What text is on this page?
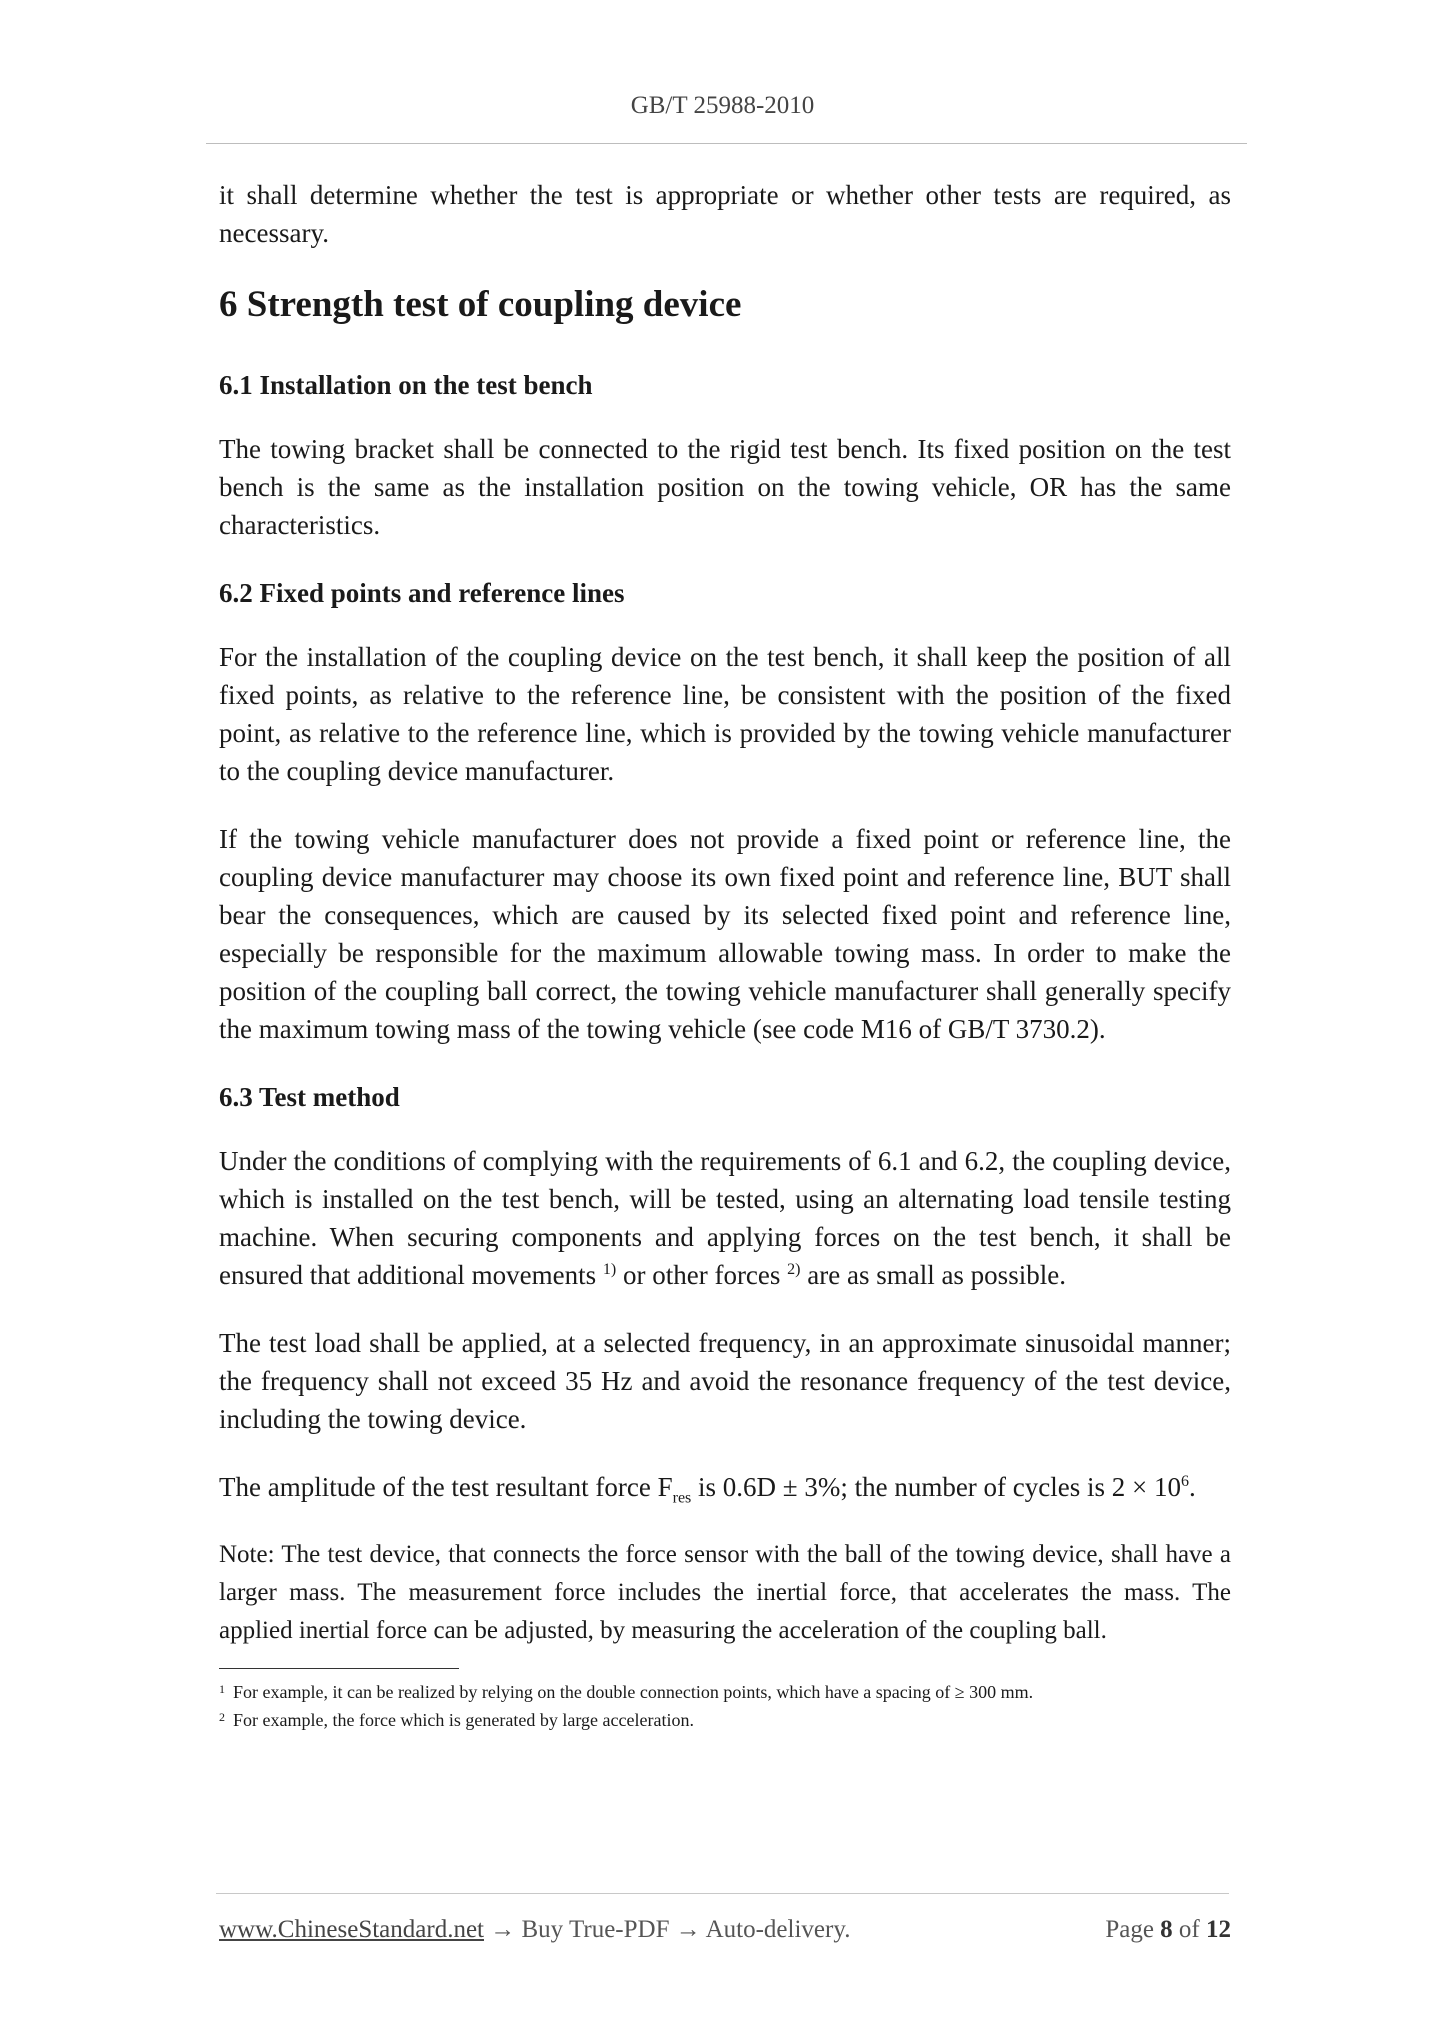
GB/T 25988-2010

it shall determine whether the test is appropriate or whether other tests are required, as necessary.

6 Strength test of coupling device
6.1 Installation on the test bench

The towing bracket shall be connected to the rigid test bench. Its fixed position on the test bench is the same as the installation position on the towing vehicle, OR has the same characteristics.

6.2 Fixed points and reference lines

For the installation of the coupling device on the test bench, it shall keep the position of all fixed points, as relative to the reference line, be consistent with the position of the fixed point, as relative to the reference line, which is provided by the towing vehicle manufacturer to the coupling device manufacturer.

If the towing vehicle manufacturer does not provide a fixed point or reference line, the coupling device manufacturer may choose its own fixed point and reference line, BUT shall bear the consequences, which are caused by its selected fixed point and reference line, especially be responsible for the maximum allowable towing mass. In order to make the position of the coupling ball correct, the towing vehicle manufacturer shall generally specify the maximum towing mass of the towing vehicle (see code M16 of GB/T 3730.2).

6.3 Test method

Under the conditions of complying with the requirements of 6.1 and 6.2, the coupling device, which is installed on the test bench, will be tested, using an alternating load tensile testing machine. When securing components and applying forces on the test bench, it shall be ensured that additional movements $^{1)}$ or other forces $^{2)}$ are as small as possible.

The test load shall be applied, at a selected frequency, in an approximate sinusoidal manner; the frequency shall not exceed 35 Hz and avoid the resonance frequency of the test device, including the towing device.

The amplitude of the test resultant force $F_{res}$ is 0.6D ± 3%; the number of cycles is $2 \times 10^6$.

Note: The test device, that connects the force sensor with the ball of the towing device, shall have a larger mass. The measurement force includes the inertial force, that accelerates the mass. The applied inertial force can be adjusted, by measuring the acceleration of the coupling ball.

$^1$ For example, it can be realized by relying on the double connection points, which have a spacing of ≥ 300 mm.
$^2$ For example, the force which is generated by large acceleration.
www.ChineseStandard.net → Buy True-PDF → Auto-delivery.	Page 8 of 12
